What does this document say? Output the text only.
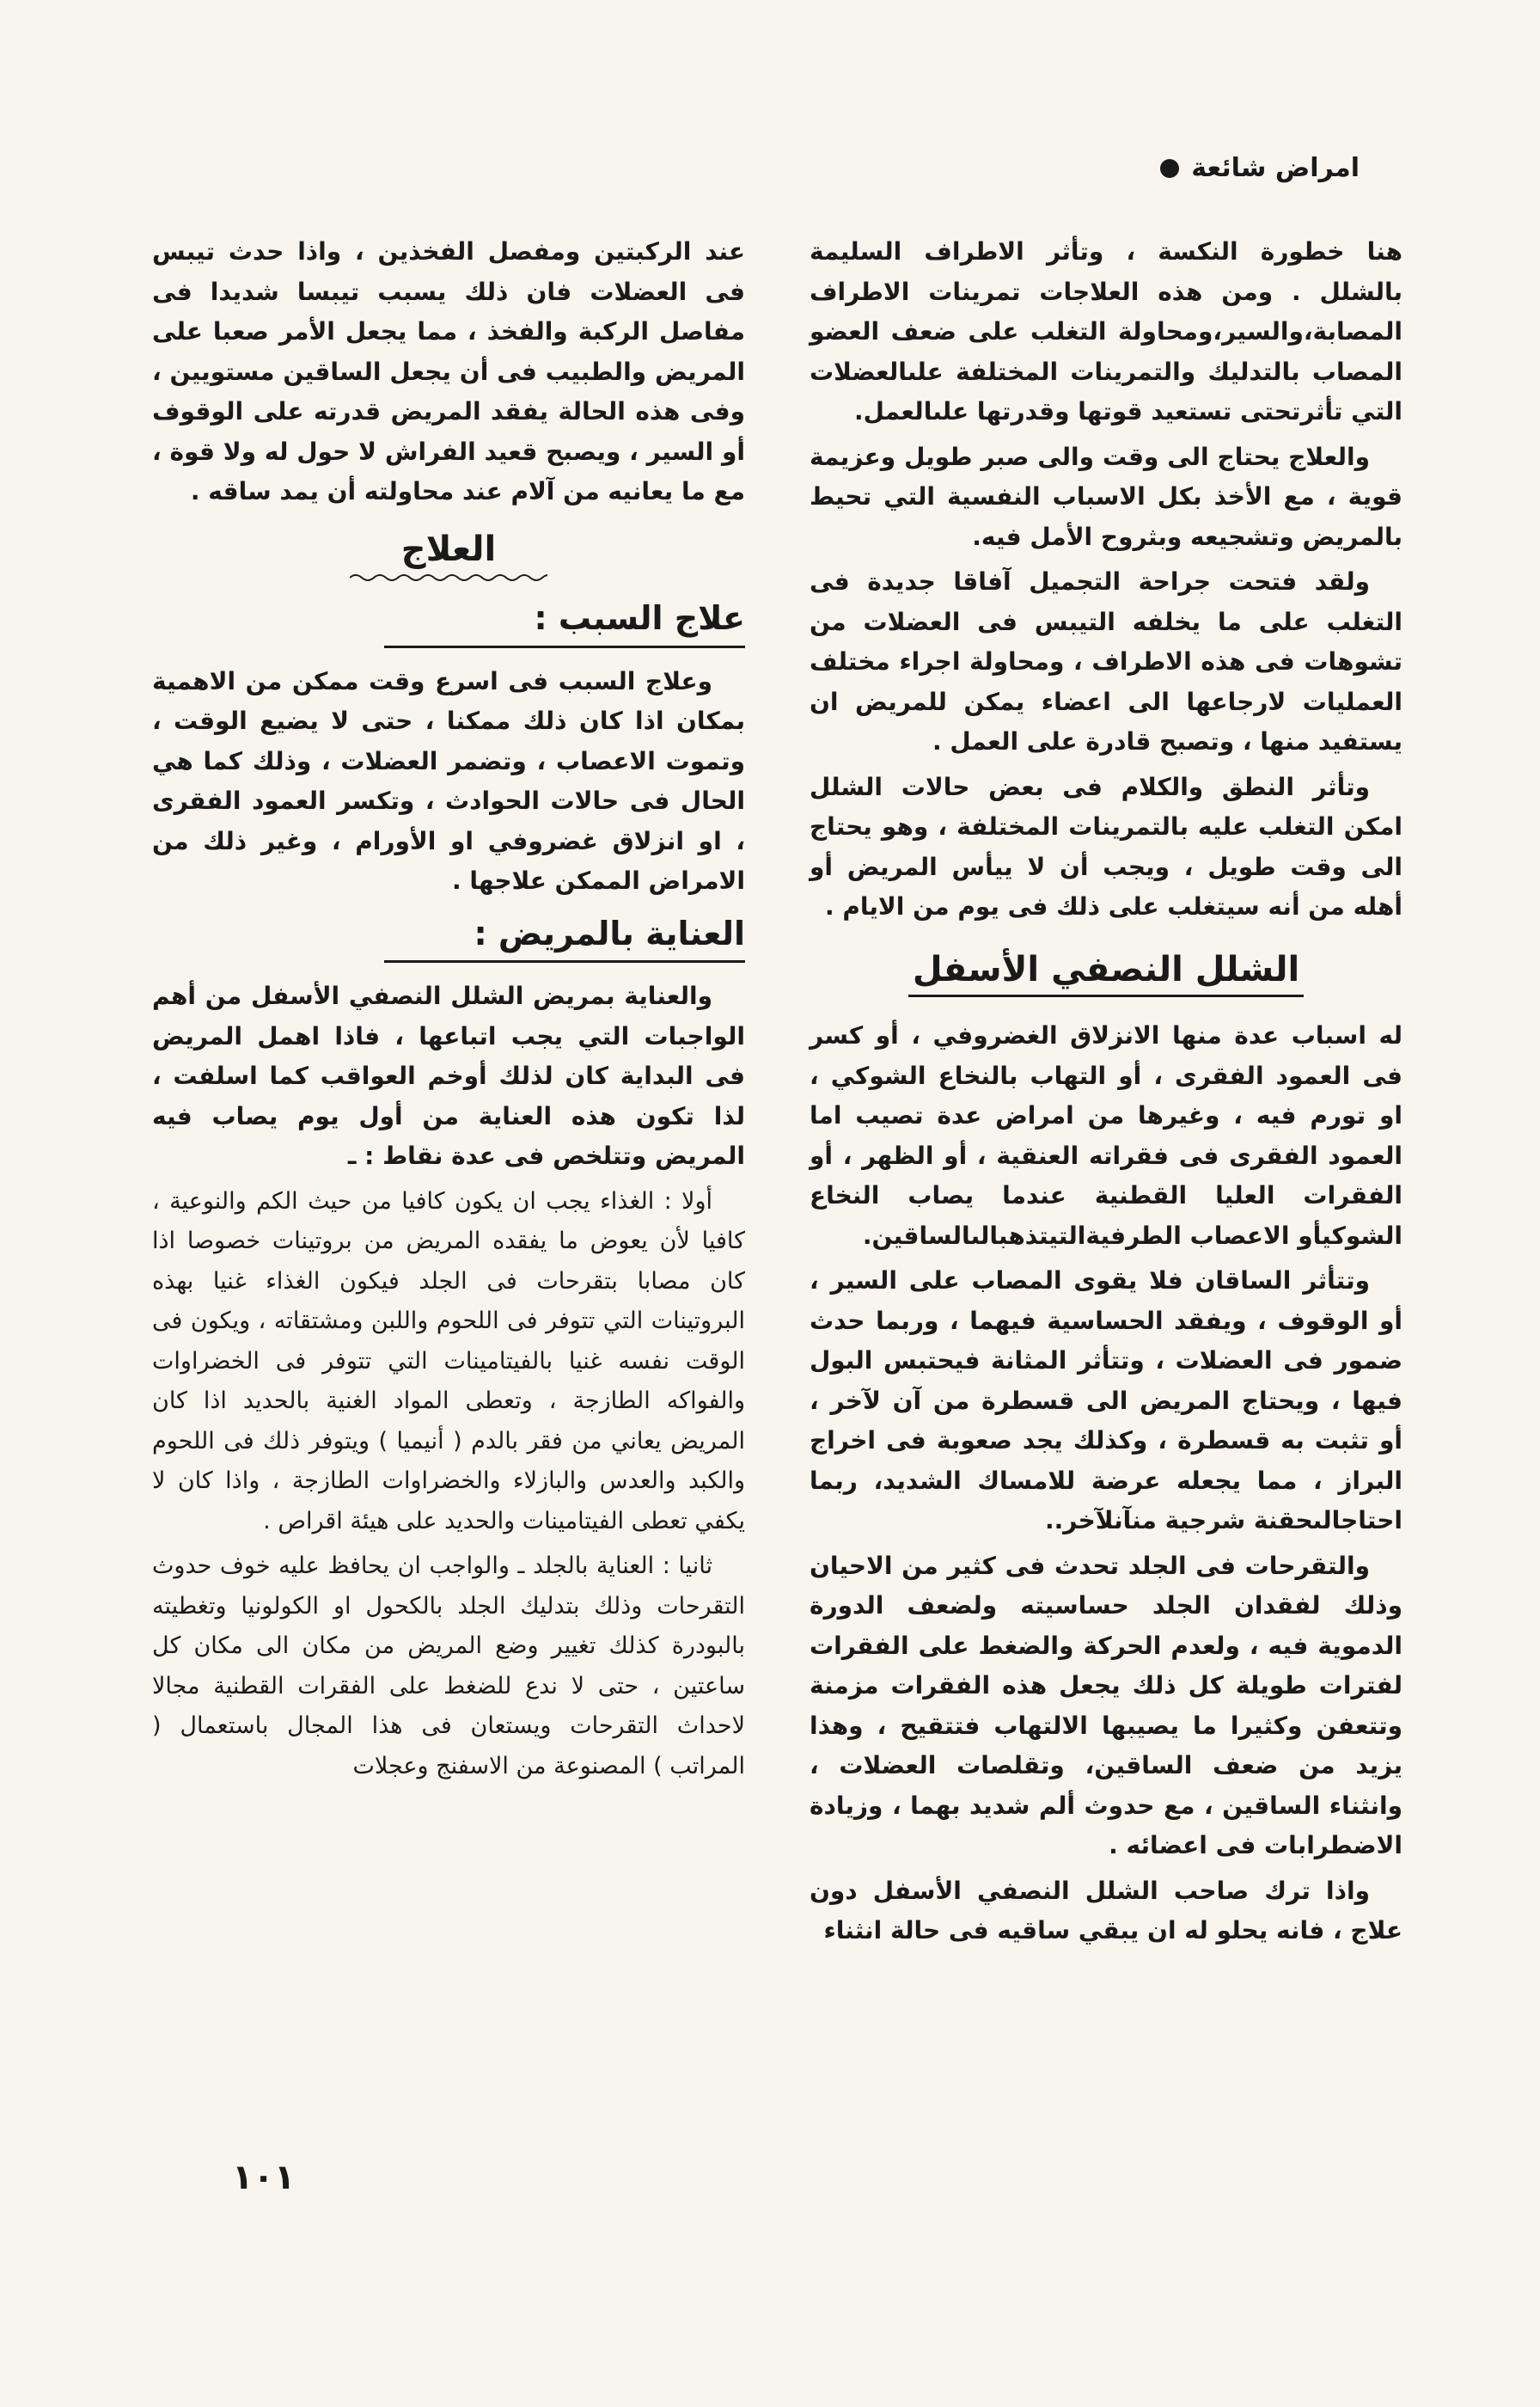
امراض شائعة

هنا خطورة النكسة ، وتأثر الاطراف السليمة بالشلل . ومن هذه العلاجات تمرينات الاطراف المصابة،والسير،ومحاولة التغلب على ضعف العضو المصاب بالتدليك والتمرينات المختلفة علىالعضلات التي تأثرتحتى تستعيد قوتها وقدرتها علىالعمل.

والعلاج يحتاج الى وقت والى صبر طويل وعزيمة قوية ، مع الأخذ بكل الاسباب النفسية التي تحيط بالمريض وتشجيعه وبثروح الأمل فيه.

ولقد فتحت جراحة التجميل آفاقا جديدة فى التغلب على ما يخلفه التيبس فى العضلات من تشوهات فى هذه الاطراف ، ومحاولة اجراء مختلف العمليات لارجاعها الى اعضاء يمكن للمريض ان يستفيد منها ، وتصبح قادرة على العمل .

وتأثر النطق والكلام فى بعض حالات الشلل امكن التغلب عليه بالتمرينات المختلفة ، وهو يحتاج الى وقت طويل ، ويجب أن لا ييأس المريض أو أهله من أنه سيتغلب على ذلك فى يوم من الايام .

الشلل النصفي الأسفل

له اسباب عدة منها الانزلاق الغضروفي ، أو كسر فى العمود الفقرى ، أو التهاب بالنخاع الشوكي ، او تورم فيه ، وغيرها من امراض عدة تصيب اما العمود الفقرى فى فقراته العنقية ، أو الظهر ، أو الفقرات العليا القطنية عندما يصاب النخاع الشوكيأو الاعصاب الطرفيةالتيتذهبالىالساقين.

وتتأثر الساقان فلا يقوى المصاب على السير ، أو الوقوف ، ويفقد الحساسية فيهما ، وربما حدث ضمور فى العضلات ، وتتأثر المثانة فيحتبس البول فيها ، ويحتاج المريض الى قسطرة من آن لآخر ، أو تثبت به قسطرة ، وكذلك يجد صعوبة فى اخراج البراز ، مما يجعله عرضة للامساك الشديد، ربما احتاجالىحقنة شرجية منآنلآخر..

والتقرحات فى الجلد تحدث فى كثير من الاحيان وذلك لفقدان الجلد حساسيته ولضعف الدورة الدموية فيه ، ولعدم الحركة والضغط على الفقرات لفترات طويلة كل ذلك يجعل هذه الفقرات مزمنة وتتعفن وكثيرا ما يصيبها الالتهاب فتتقيح ، وهذا يزيد من ضعف الساقين، وتقلصات العضلات ، وانثناء الساقين ، مع حدوث ألم شديد بهما ، وزيادة الاضطرابات فى اعضائه .

واذا ترك صاحب الشلل النصفي الأسفل دون علاج ، فانه يحلو له ان يبقي ساقيه فى حالة انثناء

عند الركبتين ومفصل الفخذين ، واذا حدث تيبس فى العضلات فان ذلك يسبب تيبسا شديدا فى مفاصل الركبة والفخذ ، مما يجعل الأمر صعبا على المريض والطبيب فى أن يجعل الساقين مستويين ، وفى هذه الحالة يفقد المريض قدرته على الوقوف أو السير ، ويصبح قعيد الفراش لا حول له ولا قوة ، مع ما يعانيه من آلام عند محاولته أن يمد ساقه .

العلاج
علاج السبب :

وعلاج السبب فى اسرع وقت ممكن من الاهمية بمكان اذا كان ذلك ممكنا ، حتى لا يضيع الوقت ، وتموت الاعصاب ، وتضمر العضلات ، وذلك كما هي الحال فى حالات الحوادث ، وتكسر العمود الفقرى ، او انزلاق غضروفي او الأورام ، وغير ذلك من الامراض الممكن علاجها .

العناية بالمريض :

والعناية بمريض الشلل النصفي الأسفل من أهم الواجبات التي يجب اتباعها ، فاذا اهمل المريض فى البداية كان لذلك أوخم العواقب كما اسلفت ، لذا تكون هذه العناية من أول يوم يصاب فيه المريض وتتلخص فى عدة نقاط : ـ

أولا : الغذاء يجب ان يكون كافيا من حيث الكم والنوعية ، كافيا لأن يعوض ما يفقده المريض من بروتينات خصوصا اذا كان مصابا بتقرحات فى الجلد فيكون الغذاء غنيا بهذه البروتينات التي تتوفر فى اللحوم واللبن ومشتقاته ، ويكون فى الوقت نفسه غنيا بالفيتامينات التي تتوفر فى الخضراوات والفواكه الطازجة ، وتعطى المواد الغنية بالحديد اذا كان المريض يعاني من فقر بالدم ( أنيميا ) ويتوفر ذلك فى اللحوم والكبد والعدس والبازلاء والخضراوات الطازجة ، واذا كان لا يكفي تعطى الفيتامينات والحديد على هيئة اقراص .

ثانيا : العناية بالجلد ـ والواجب ان يحافظ عليه خوف حدوث التقرحات وذلك بتدليك الجلد بالكحول او الكولونيا وتغطيته بالبودرة كذلك تغيير وضع المريض من مكان الى مكان كل ساعتين ، حتى لا ندع للضغط على الفقرات القطنية مجالا لاحداث التقرحات ويستعان فى هذا المجال باستعمال ( المراتب ) المصنوعة من الاسفنج وعجلات

١٠١
